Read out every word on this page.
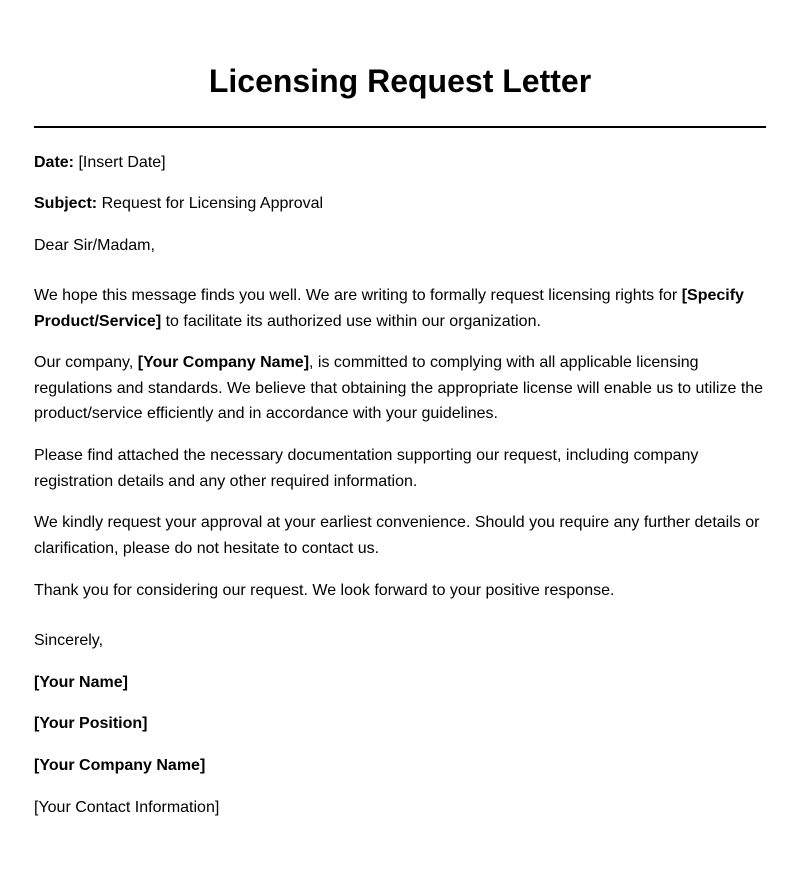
Licensing Request Letter

Date: [Insert Date]

Subject: Request for Licensing Approval

Dear Sir/Madam,

We hope this message finds you well. We are writing to formally request licensing rights for [Specify Product/Service] to facilitate its authorized use within our organization.

Our company, [Your Company Name], is committed to complying with all applicable licensing regulations and standards. We believe that obtaining the appropriate license will enable us to utilize the product/service efficiently and in accordance with your guidelines.

Please find attached the necessary documentation supporting our request, including company registration details and any other required information.

We kindly request your approval at your earliest convenience. Should you require any further details or clarification, please do not hesitate to contact us.

Thank you for considering our request. We look forward to your positive response.

Sincerely,

[Your Name]

[Your Position]

[Your Company Name]

[Your Contact Information]
